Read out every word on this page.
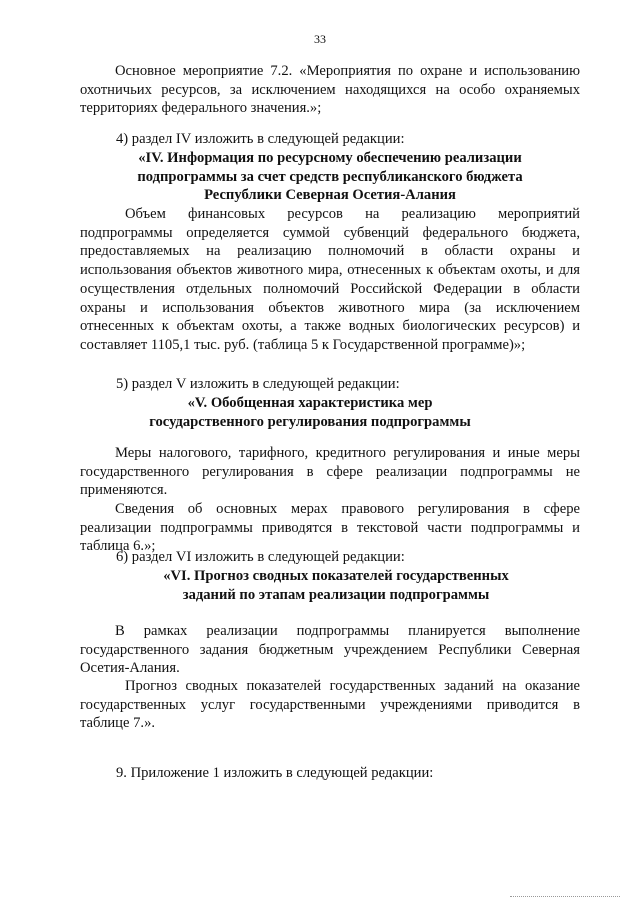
33
Основное мероприятие 7.2. «Мероприятия по охране и использованию
охотничьих ресурсов, за исключением находящихся на особо охраняемых
территориях федерального значения.»;
4) раздел IV изложить в следующей редакции:
«IV. Информация по ресурсному обеспечению реализации
подпрограммы за счет средств республиканского бюджета
Республики Северная Осетия-Алания
Объем финансовых ресурсов на реализацию мероприятий
подпрограммы определяется суммой субвенций федерального бюджета,
предоставляемых на реализацию полномочий в области охраны и
использования объектов животного мира, отнесенных к объектам охоты, и для
осуществления отдельных полномочий Российской Федерации в области
охраны и использования объектов животного мира (за исключением
отнесенных к объектам охоты, а также водных биологических ресурсов) и
составляет 1105,1 тыс. руб. (таблица 5 к Государственной программе)»;
5) раздел V изложить в следующей редакции:
«V. Обобщенная характеристика мер
государственного регулирования подпрограммы
Меры налогового, тарифного, кредитного регулирования и иные меры
государственного регулирования в сфере реализации подпрограммы не
применяются.
Сведения об основных мерах правового регулирования в сфере
реализации подпрограммы приводятся в текстовой части подпрограммы и
таблица 6.»;
6) раздел VI изложить в следующей редакции:
«VI. Прогноз сводных показателей государственных
заданий по этапам реализации подпрограммы
В рамках реализации подпрограммы планируется выполнение
государственного задания бюджетным учреждением Республики Северная
Осетия-Алания.
Прогноз сводных показателей государственных заданий на оказание
государственных услуг государственными учреждениями приводится в
таблице 7.».
9. Приложение 1 изложить в следующей редакции:
